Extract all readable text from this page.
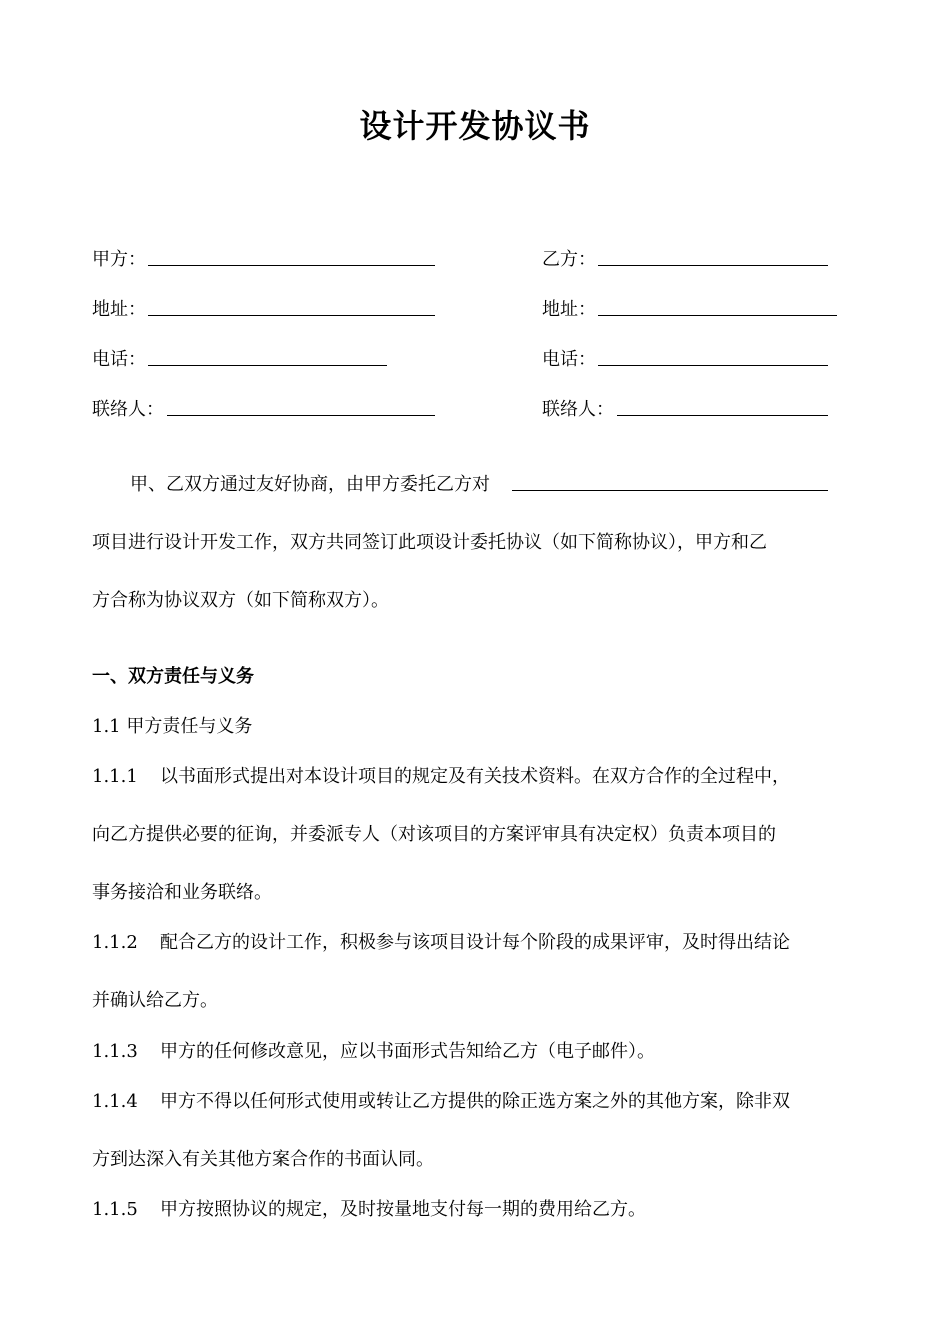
设计开发协议书
甲方：
地址：
电话：
联络人：
乙方：
地址：
电话：
联络人：
甲、乙双方通过友好协商，由甲方委托乙方对
项目进行设计开发工作，双方共同签订此项设计委托协议（如下简称协议），甲方和乙
方合称为协议双方（如下简称双方）。
一、双方责任与义务
1.1 甲方责任与义务
1.1.1 以书面形式提出对本设计项目的规定及有关技术资料。在双方合作的全过程中，
向乙方提供必要的征询，并委派专人（对该项目的方案评审具有决定权）负责本项目的
事务接洽和业务联络。
1.1.2 配合乙方的设计工作，积极参与该项目设计每个阶段的成果评审，及时得出结论
并确认给乙方。
1.1.3 甲方的任何修改意见，应以书面形式告知给乙方（电子邮件）。
1.1.4 甲方不得以任何形式使用或转让乙方提供的除正选方案之外的其他方案，除非双
方到达深入有关其他方案合作的书面认同。
1.1.5 甲方按照协议的规定，及时按量地支付每一期的费用给乙方。
